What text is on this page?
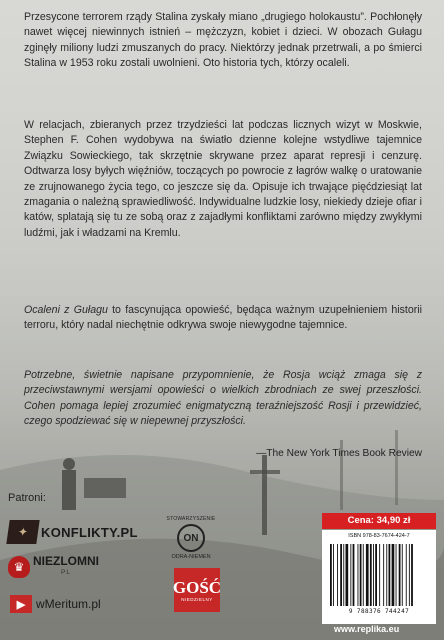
Przesycone terrorem rządy Stalina zyskały miano „drugiego holokaustu”. Pochłonęły nawet więcej niewinnych istnień – mężczyzn, kobiet i dzieci. W obozach Gułagu zginęły miliony ludzi zmuszanych do pracy. Niektórzy jednak przetrwali, a po śmierci Stalina w 1953 roku zostali uwolnieni. Oto historia tych, którzy ocaleli.
W relacjach, zbieranych przez trzydzieści lat podczas licznych wizyt w Moskwie, Stephen F. Cohen wydobywa na światło dzienne kolejne wstydliwe tajemnice Związku Sowieckiego, tak skrzętnie skrywane przez aparat represji i cenzurę. Odtwarza losy byłych więźniów, toczących po powrocie z łagrów walkę o uratowanie ze zrujnowanego życia tego, co jeszcze się da. Opisuje ich trwające pięćdziesiąt lat zmagania o należną sprawiedliwość. Indywidualne ludzkie losy, niekiedy dzieje ofiar i katów, splatają się tu ze sobą oraz z zajadłymi konfliktami zarówno między zwykłymi ludźmi, jak i władzami na Kremlu.
Ocaleni z Gułagu to fascynująca opowieść, będąca ważnym uzupełnieniem historii terroru, który nadal niechętnie odkrywa swoje niewygodne tajemnice.
Potrzebne, świetnie napisane przypomnienie, że Rosja wciąż zmaga się z przeciwstawnymi wersjami opowieści o wielkich zbrodniach ze swej przeszłości. Cohen pomaga lepiej zrozumieć enigmatyczną teraźniejszość Rosji i przewidzieć, czego spodziewać się w niepewnej przyszłości.
—The New York Times Book Review
Patroni:
✦ KONFLIKTY.PL
♛ NIEZLOMNI
PL
▶ wMeritum.pl
STOWARZYSZENIE
ON
ODRA-NIEMEN
GOŚĆ
NIEDZIELNY
Cena: 34,90 zł
ISBN 978-83-7674-424-7
9 788376 744247
www.replika.eu
